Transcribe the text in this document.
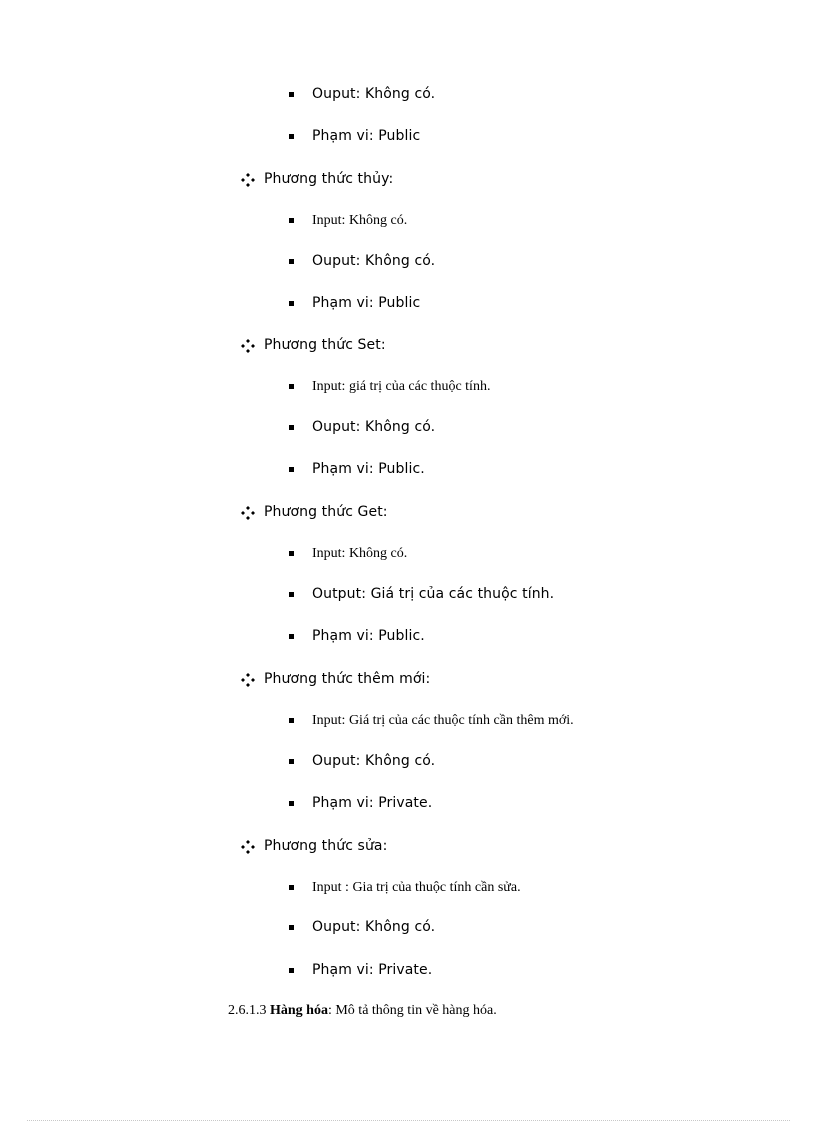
Ouput: Không có.
Phạm vi: Public
Phương thức thủy:
Input: Không có.
Ouput: Không có.
Phạm vi: Public
Phương thức Set:
Input: giá trị của các thuộc tính.
Ouput: Không có.
Phạm vi: Public.
Phương thức Get:
Input: Không có.
Output: Giá trị của các thuộc tính.
Phạm vi: Public.
Phương thức thêm mới:
Input: Giá trị của các thuộc tính cần thêm mới.
Ouput: Không có.
Phạm vi: Private.
Phương thức sửa:
Input : Gia trị của thuộc tính cần sửa.
Ouput: Không có.
Phạm vi: Private.
2.6.1.3 Hàng hóa: Mô tả thông tin về hàng hóa.
